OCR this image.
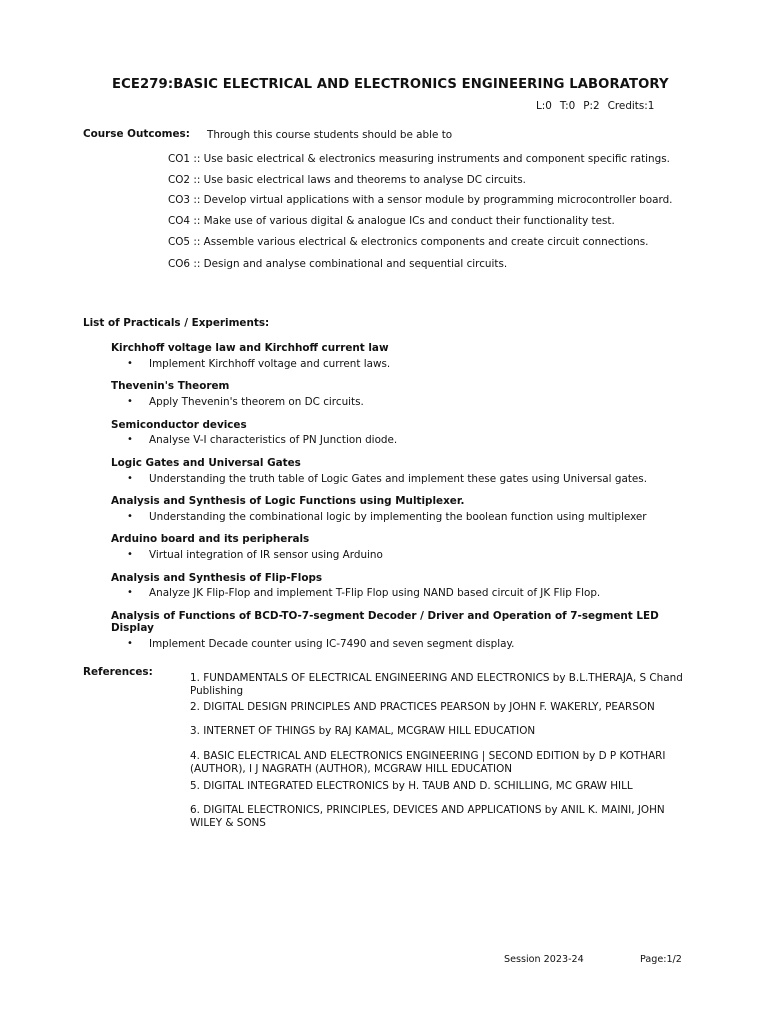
ECE279:BASIC ELECTRICAL AND ELECTRONICS ENGINEERING LABORATORY
L:0 T:0 P:2 Credits:1
Course Outcomes: Through this course students should be able to
CO1 :: Use basic electrical & electronics measuring instruments and component specific ratings.
CO2 :: Use basic electrical laws and theorems to analyse DC circuits.
CO3 :: Develop virtual applications with a sensor module by programming microcontroller board.
CO4 :: Make use of various digital & analogue ICs and conduct their functionality test.
CO5 :: Assemble various electrical & electronics components and create circuit connections.
CO6 :: Design and analyse combinational and sequential circuits.
List of Practicals / Experiments:
Kirchhoff voltage law and Kirchhoff current law
• Implement Kirchhoff voltage and current laws.
Thevenin's Theorem
• Apply Thevenin's theorem on DC circuits.
Semiconductor devices
• Analyse V-I characteristics of PN Junction diode.
Logic Gates and Universal Gates
• Understanding the truth table of Logic Gates and implement these gates using Universal gates.
Analysis and Synthesis of Logic Functions using Multiplexer.
• Understanding the combinational logic by implementing the boolean function using multiplexer
Arduino board and its peripherals
• Virtual integration of IR sensor using Arduino
Analysis and Synthesis of Flip-Flops
• Analyze JK Flip-Flop and implement T-Flip Flop using NAND based circuit of JK Flip Flop.
Analysis of Functions of BCD-TO-7-segment Decoder / Driver and Operation of 7-segment LED
Display
• Implement Decade counter using IC-7490 and seven segment display.
References:	1. FUNDAMENTALS OF ELECTRICAL ENGINEERING AND ELECTRONICS by B.L.THERAJA, S Chand Publishing
2. DIGITAL DESIGN PRINCIPLES AND PRACTICES PEARSON by JOHN F. WAKERLY, PEARSON
3. INTERNET OF THINGS by RAJ KAMAL, MCGRAW HILL EDUCATION
4. BASIC ELECTRICAL AND ELECTRONICS ENGINEERING | SECOND EDITION by D P KOTHARI (AUTHOR), I J NAGRATH (AUTHOR), MCGRAW HILL EDUCATION
5. DIGITAL INTEGRATED ELECTRONICS by H. TAUB AND D. SCHILLING, MC GRAW HILL
6. DIGITAL ELECTRONICS, PRINCIPLES, DEVICES AND APPLICATIONS by ANIL K. MAINI, JOHN WILEY & SONS
Session 2023-24	Page:1/2
